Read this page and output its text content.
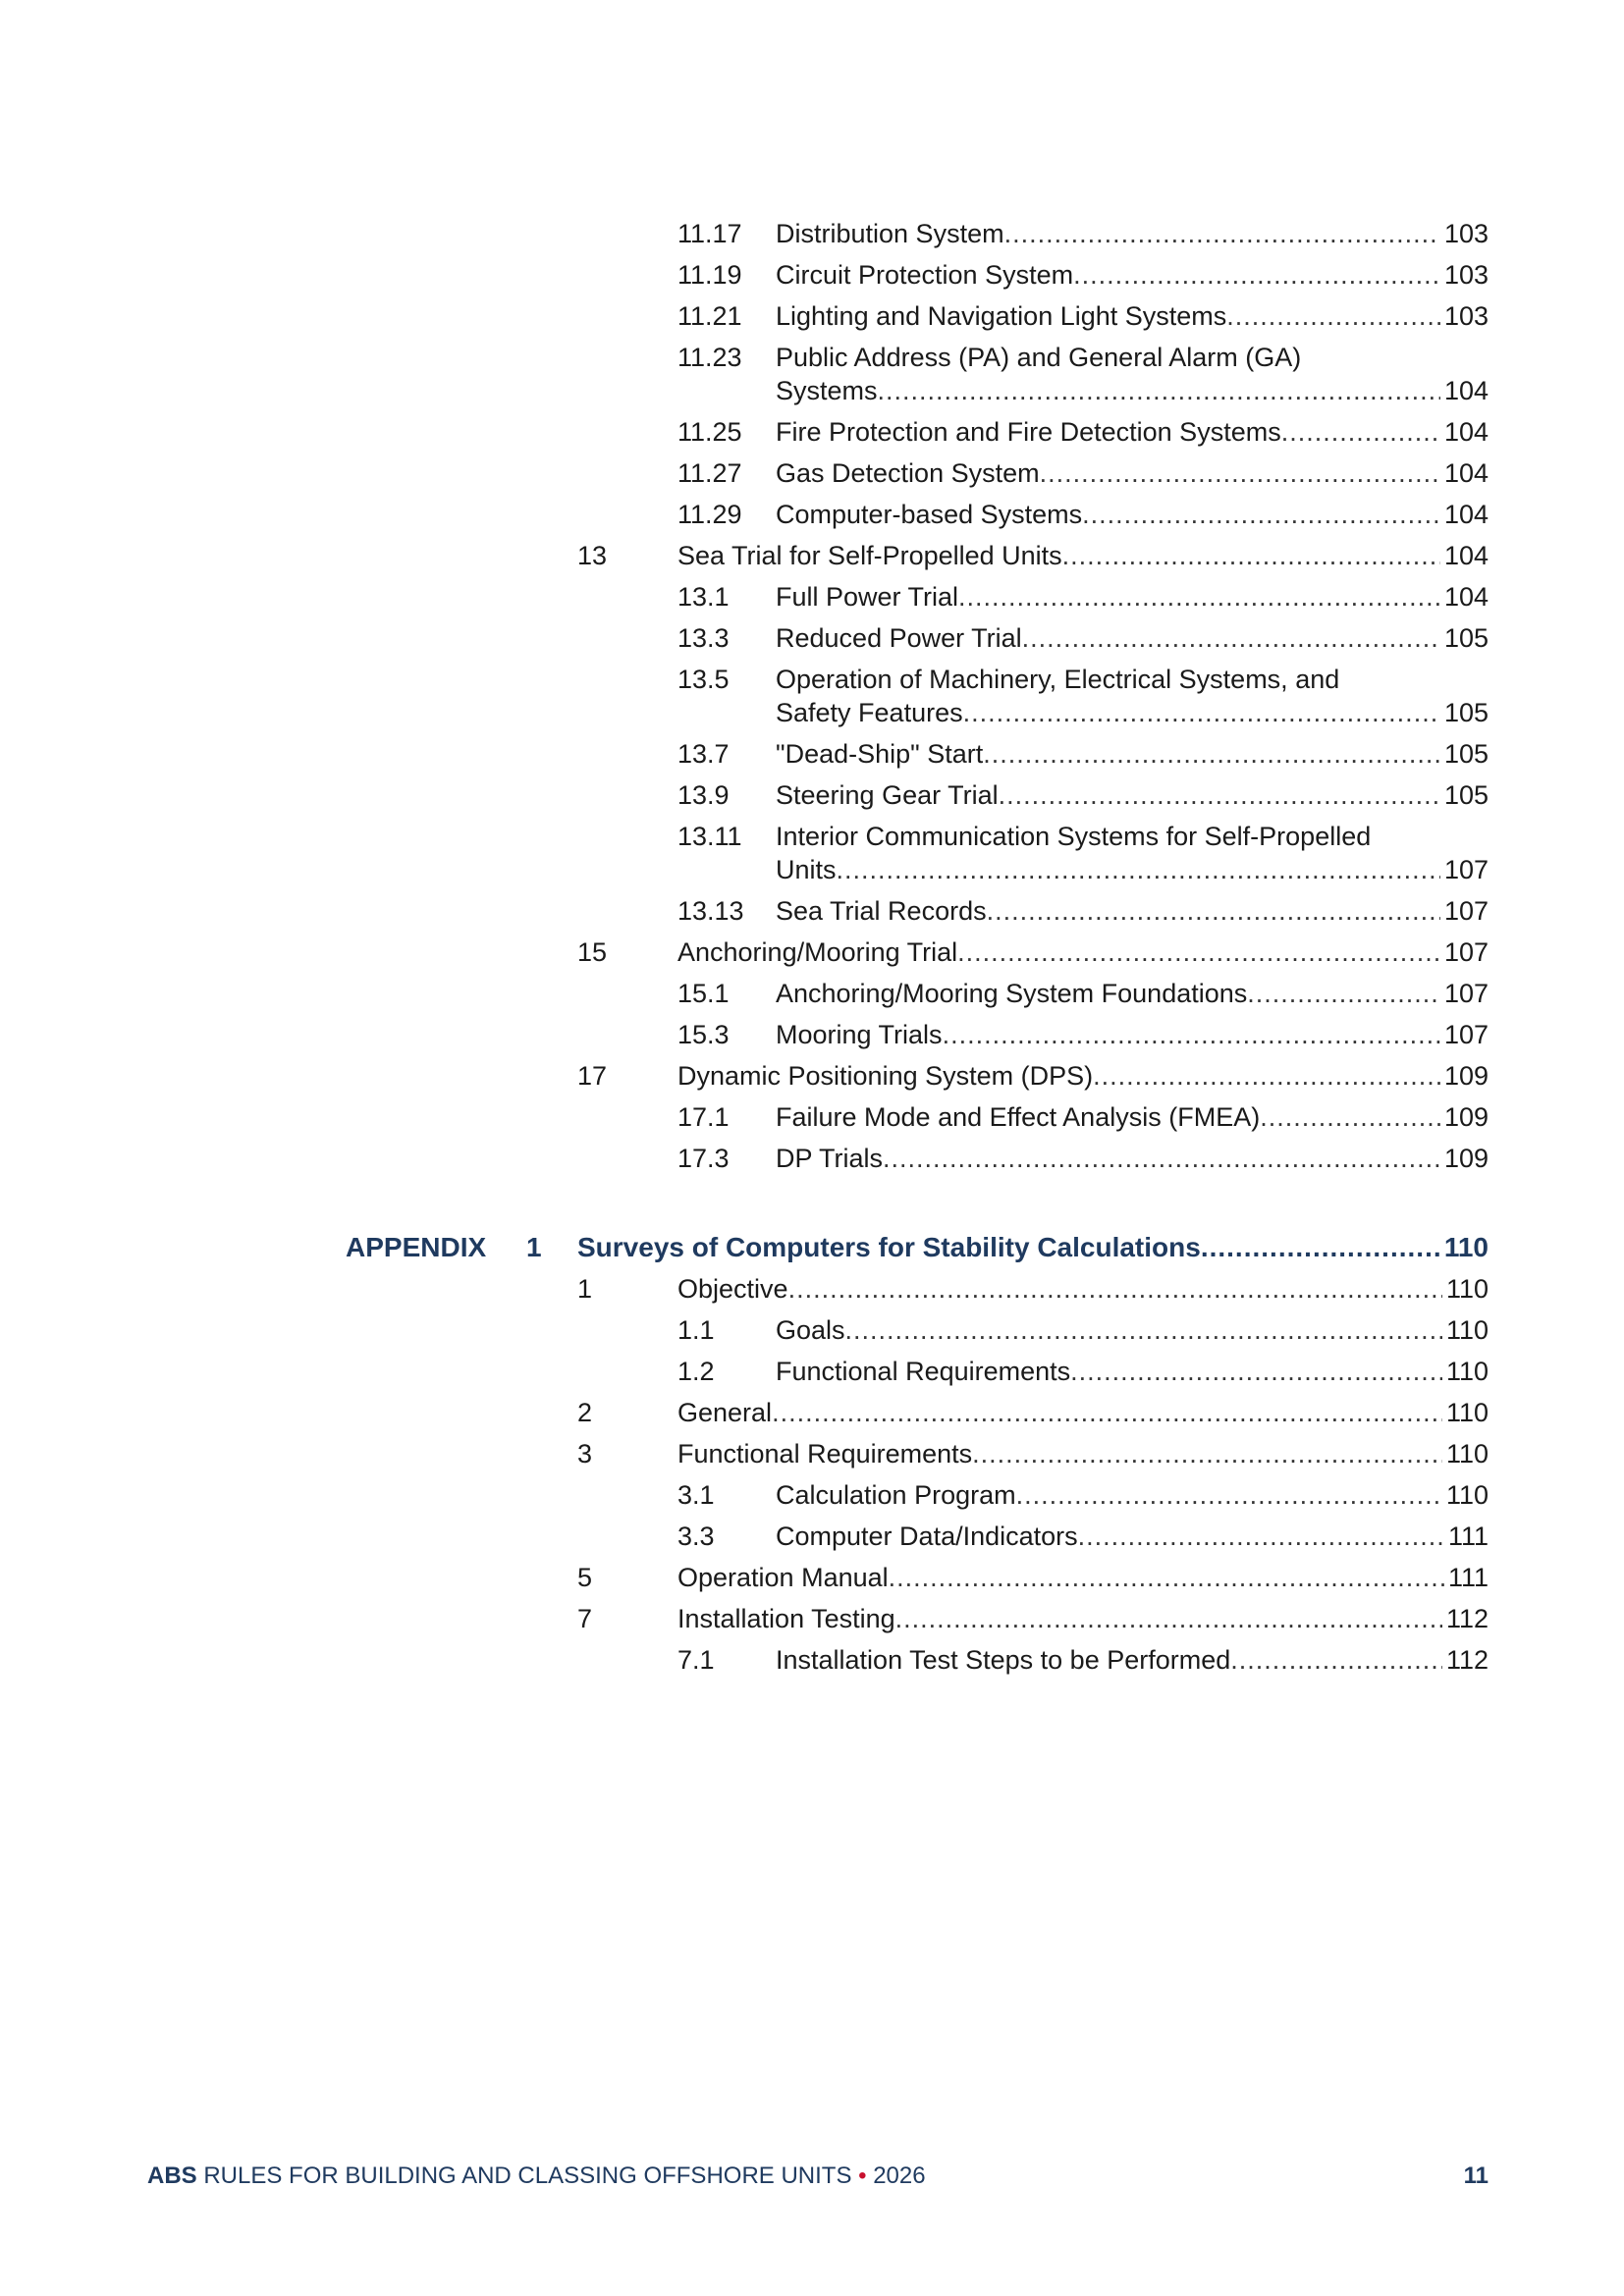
11.17 Distribution System .....	103
11.19 Circuit Protection System .....	103
11.21 Lighting and Navigation Light Systems .....	103
11.23 Public Address (PA) and General Alarm (GA)
Systems .....	104
11.25 Fire Protection and Fire Detection Systems .....	104
11.27 Gas Detection System .....	104
11.29 Computer-based Systems .....	104
13	Sea Trial for Self-Propelled Units .....	104
13.1 Full Power Trial .....	104
13.3 Reduced Power Trial .....	105
13.5 Operation of Machinery, Electrical Systems, and
Safety Features .....	105
13.7 "Dead-Ship" Start .....	105
13.9 Steering Gear Trial .....	105
13.11 Interior Communication Systems for Self-Propelled
Units .....	107
13.13 Sea Trial Records .....	107
15	Anchoring/Mooring Trial .....	107
15.1 Anchoring/Mooring System Foundations .....	107
15.3 Mooring Trials .....	107
17	Dynamic Positioning System (DPS) .....	109
17.1 Failure Mode and Effect Analysis (FMEA) .....	109
17.3 DP Trials .....	109
APPENDIX 1 Surveys of Computers for Stability Calculations .....	110
1	Objective .....	110
1.1 Goals .....	110
1.2 Functional Requirements .....	110
2	General .....	110
3	Functional Requirements .....	110
3.1 Calculation Program .....	110
3.3 Computer Data/Indicators .....	111
5	Operation Manual .....	111
7	Installation Testing .....	112
7.1 Installation Test Steps to be Performed .....	112
ABS RULES FOR BUILDING AND CLASSING OFFSHORE UNITS • 2026	11
